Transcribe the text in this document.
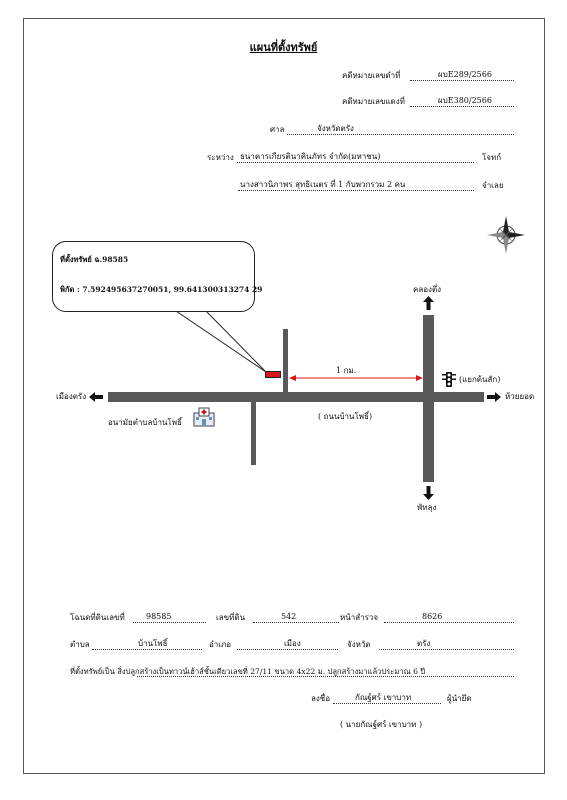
แผนที่ตั้งทรัพย์
คดีหมายเลขดำที่	ผบE289/2566
คดีหมายเลขแดงที่	ผบE380/2566
ศาล	จังหวัดตรัง
ระหว่าง ธนาคารเกียรตินาคินภัทร จำกัด(มหาชน)	โจทก์
นางสาวนิภาพร สุทธิเนตร ที่ 1 กับพวกรวม 2 คน	จำเลย
ที่ตั้งทรัพย์ ฉ.98585
พิกัด : 7.592495637270051, 99.641300313274 29
1 กม.
คลองตึ่ง
พัทลุง
เมืองตรัง	ห้วยยอด
(แยกต้นสัก)
( ถนนบ้านโพธิ์)
อนามัยตำบลบ้านโพธิ์
โฉนดที่ดินเลขที่	98585	เลขที่ดิน	542	หน้าสำรวจ	8626
ตำบล	บ้านโพธิ์	อำเภอ	เมือง	จังหวัด	ตรัง
ที่ตั้งทรัพย์เป็น สิ่งปลูกสร้างเป็นทาวน์เฮ้าส์ชั้นเดียวเลขที่ 27/11 ขนาด 4x22 ม. ปลูกสร้างมาแล้วประมาณ 6 ปี
ลงชื่อ	กัณฐ์ศร์ เขาบาท	ผู้นำยึด
( นายกัณฐ์ศร์ เขาบาท )
